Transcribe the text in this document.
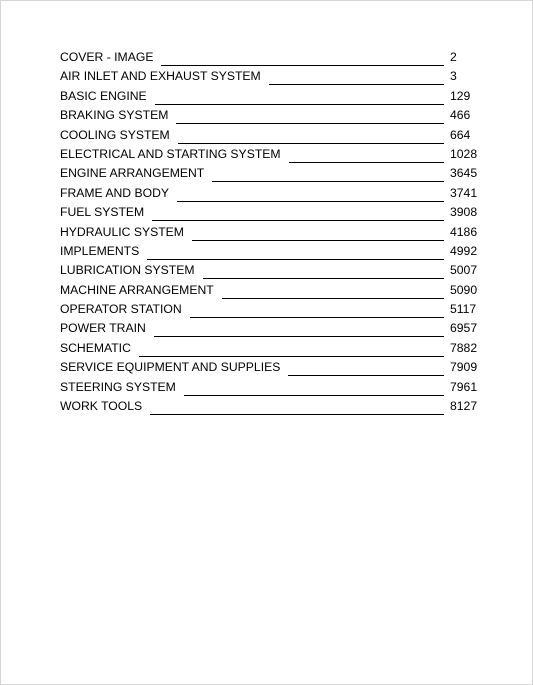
COVER - IMAGE	2
AIR INLET AND EXHAUST SYSTEM	3
BASIC ENGINE	129
BRAKING SYSTEM	466
COOLING SYSTEM	664
ELECTRICAL AND STARTING SYSTEM	1028
ENGINE ARRANGEMENT	3645
FRAME AND BODY	3741
FUEL SYSTEM	3908
HYDRAULIC SYSTEM	4186
IMPLEMENTS	4992
LUBRICATION SYSTEM	5007
MACHINE ARRANGEMENT	5090
OPERATOR STATION	5117
POWER TRAIN	6957
SCHEMATIC	7882
SERVICE EQUIPMENT AND SUPPLIES	7909
STEERING SYSTEM	7961
WORK TOOLS	8127
